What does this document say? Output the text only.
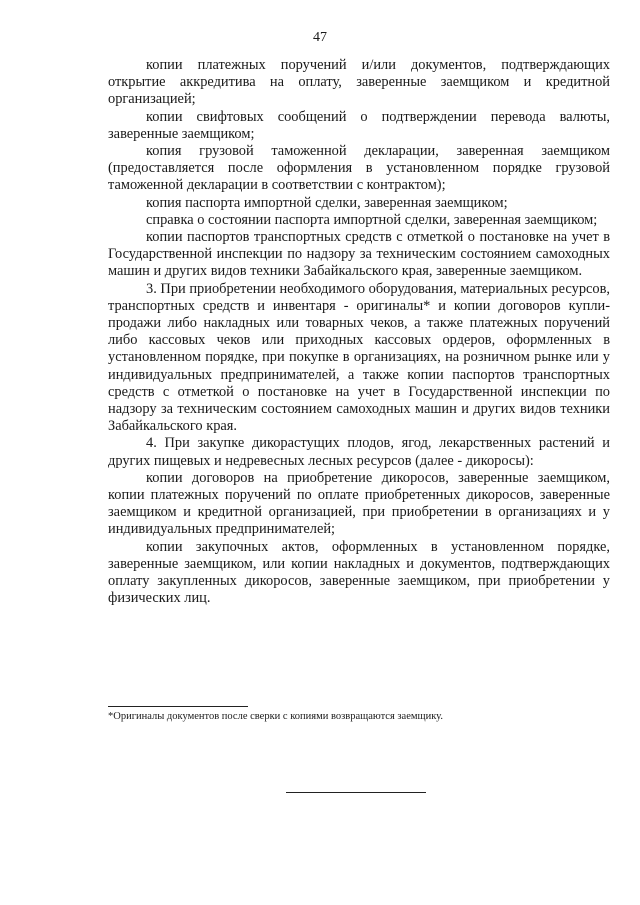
47

копии платежных поручений и/или документов, подтверждающих открытие аккредитива на оплату, заверенные заемщиком и кредитной организацией;

копии свифтовых сообщений о подтверждении перевода валюты, заверенные заемщиком;

копия грузовой таможенной декларации, заверенная заемщиком (предоставляется после оформления в установленном порядке грузовой таможенной декларации в соответствии с контрактом);

копия паспорта импортной сделки, заверенная заемщиком;

справка о состоянии паспорта импортной сделки, заверенная заемщиком;

копии паспортов транспортных средств с отметкой о постановке на учет в Государственной инспекции по надзору за техническим состоянием самоходных машин и других видов техники Забайкальского края, заверенные заемщиком.

3. При приобретении необходимого оборудования, материальных ресурсов, транспортных средств и инвентаря - оригиналы* и копии договоров купли-продажи либо накладных или товарных чеков, а также платежных поручений либо кассовых чеков или приходных кассовых ордеров, оформленных в установленном порядке, при покупке в организациях, на розничном рынке или у индивидуальных предпринимателей, а также копии паспортов транспортных средств с отметкой о постановке на учет в Государственной инспекции по надзору за техническим состоянием самоходных машин и других видов техники Забайкальского края.

4. При закупке дикорастущих плодов, ягод, лекарственных растений и других пищевых и недревесных лесных ресурсов (далее - дикоросы):

копии договоров на приобретение дикоросов, заверенные заемщиком, копии платежных поручений по оплате приобретенных дикоросов, заверенные заемщиком и кредитной организацией, при приобретении в организациях и у индивидуальных предпринимателей;

копии закупочных актов, оформленных в установленном порядке, заверенные заемщиком, или копии накладных и документов, подтверждающих оплату закупленных дикоросов, заверенные заемщиком, при приобретении у физических лиц.

*Оригиналы документов после сверки с копиями возвращаются заемщику.
